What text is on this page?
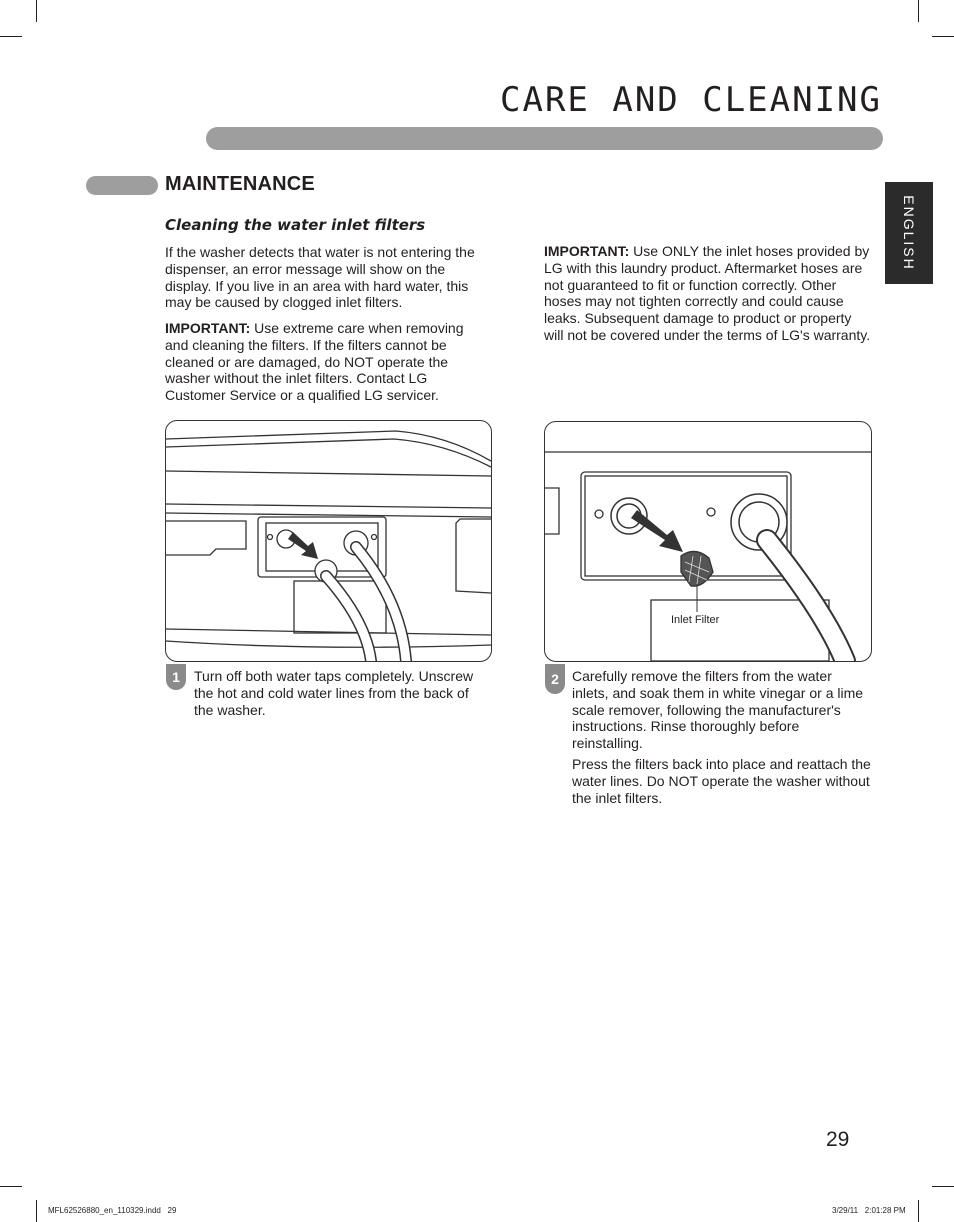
CARE AND CLEANING
ENGLISH
MAINTENANCE
Cleaning the water inlet filters

If the washer detects that water is not entering the dispenser, an error message will show on the display. If you live in an area with hard water, this may be caused by clogged inlet filters.

IMPORTANT: Use extreme care when removing and cleaning the filters. If the filters cannot be cleaned or are damaged, do NOT operate the washer without the inlet filters. Contact LG Customer Service or a qualified LG servicer.

IMPORTANT: Use ONLY the inlet hoses provided by LG with this laundry product. Aftermarket hoses are not guaranteed to fit or function correctly. Other hoses may not tighten correctly and could cause leaks. Subsequent damage to product or property will not be covered under the terms of LG's warranty.

1	Turn off both water taps completely. Unscrew the hot and cold water lines from the back of the washer.

Inlet Filter
2 Carefully remove the filters from the water inlets, and soak them in white vinegar or a lime scale remover, following the manufacturer's instructions. Rinse thoroughly before reinstalling.

Press the filters back into place and reattach the water lines. Do NOT operate the washer without the inlet filters.

29
MFL62526880_en_110329.indd   29	3/29/11   2:01:28 PM
